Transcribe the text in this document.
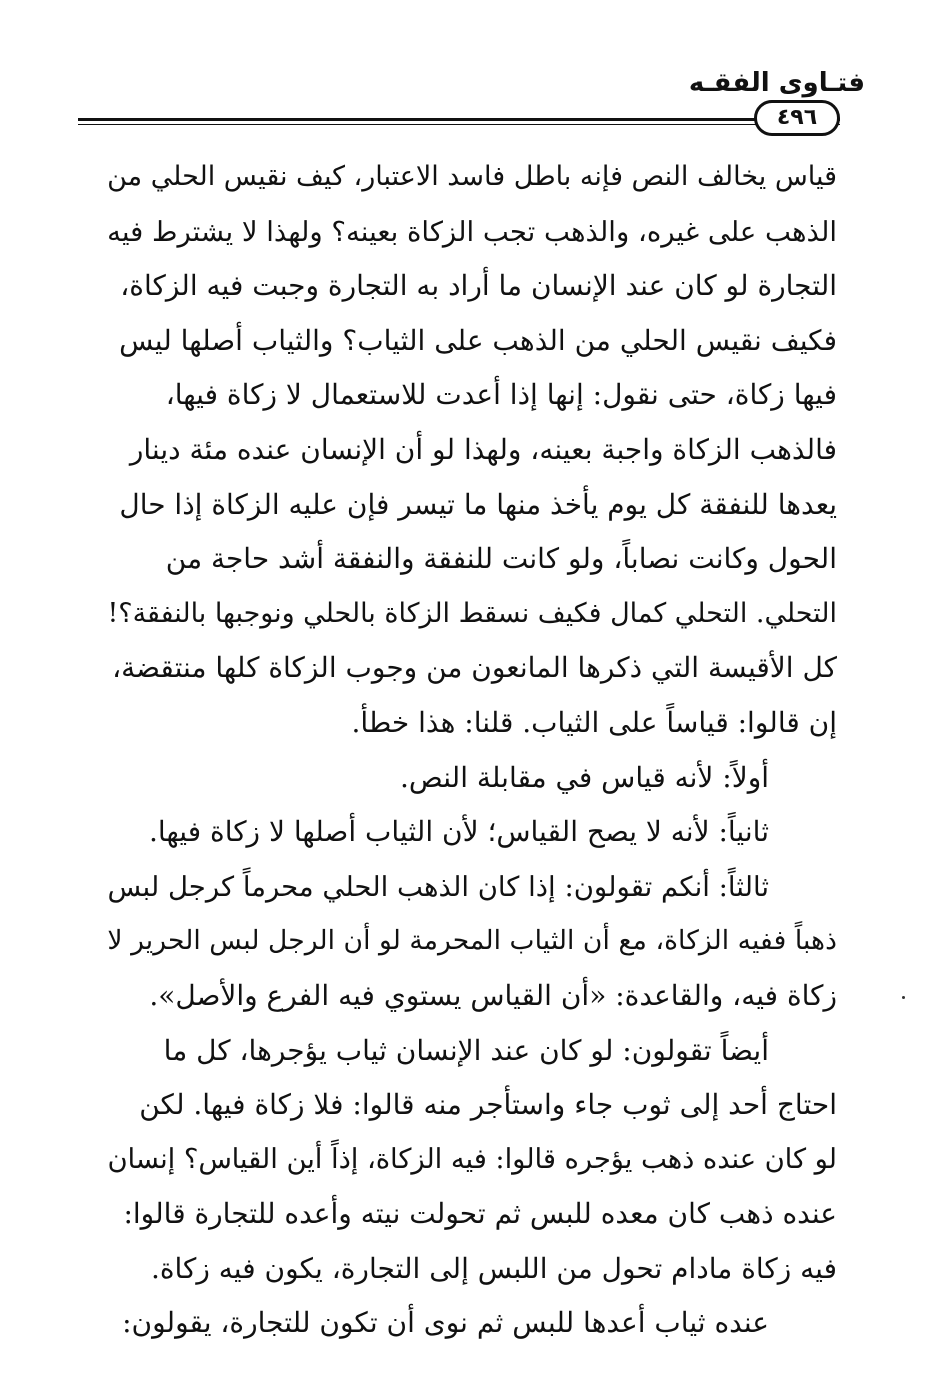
فتـاوى الفقـه
٤٩٦
قياس يخالف النص فإنه باطل فاسد الاعتبار، كيف نقيس الحلي من
الذهب على غيره، والذهب تجب الزكاة بعينه؟ ولهذا لا يشترط فيه
التجارة لو كان عند الإنسان ما أراد به التجارة وجبت فيه الزكاة،
فكيف نقيس الحلي من الذهب على الثياب؟ والثياب أصلها ليس
فيها زكاة، حتى نقول: إنها إذا أعدت للاستعمال لا زكاة فيها،
فالذهب الزكاة واجبة بعينه، ولهذا لو أن الإنسان عنده مئة دينار
يعدها للنفقة كل يوم يأخذ منها ما تيسر فإن عليه الزكاة إذا حال
الحول وكانت نصاباً، ولو كانت للنفقة والنفقة أشد حاجة من
التحلي. التحلي كمال فكيف نسقط الزكاة بالحلي ونوجبها بالنفقة؟!
كل الأقيسة التي ذكرها المانعون من وجوب الزكاة كلها منتقضة،
إن قالوا: قياساً على الثياب. قلنا: هذا خطأ.
أولاً: لأنه قياس في مقابلة النص.
ثانياً: لأنه لا يصح القياس؛ لأن الثياب أصلها لا زكاة فيها.
ثالثاً: أنكم تقولون: إذا كان الذهب الحلي محرماً كرجل لبس
ذهباً ففيه الزكاة، مع أن الثياب المحرمة لو أن الرجل لبس الحرير لا
زكاة فيه، والقاعدة: «أن القياس يستوي فيه الفرع والأصل».
أيضاً تقولون: لو كان عند الإنسان ثياب يؤجرها، كل ما
احتاج أحد إلى ثوب جاء واستأجر منه قالوا: فلا زكاة فيها. لكن
لو كان عنده ذهب يؤجره قالوا: فيه الزكاة، إذاً أين القياس؟ إنسان
عنده ذهب كان معده للبس ثم تحولت نيته وأعده للتجارة قالوا:
فيه زكاة مادام تحول من اللبس إلى التجارة، يكون فيه زكاة.
عنده ثياب أعدها للبس ثم نوى أن تكون للتجارة، يقولون:
